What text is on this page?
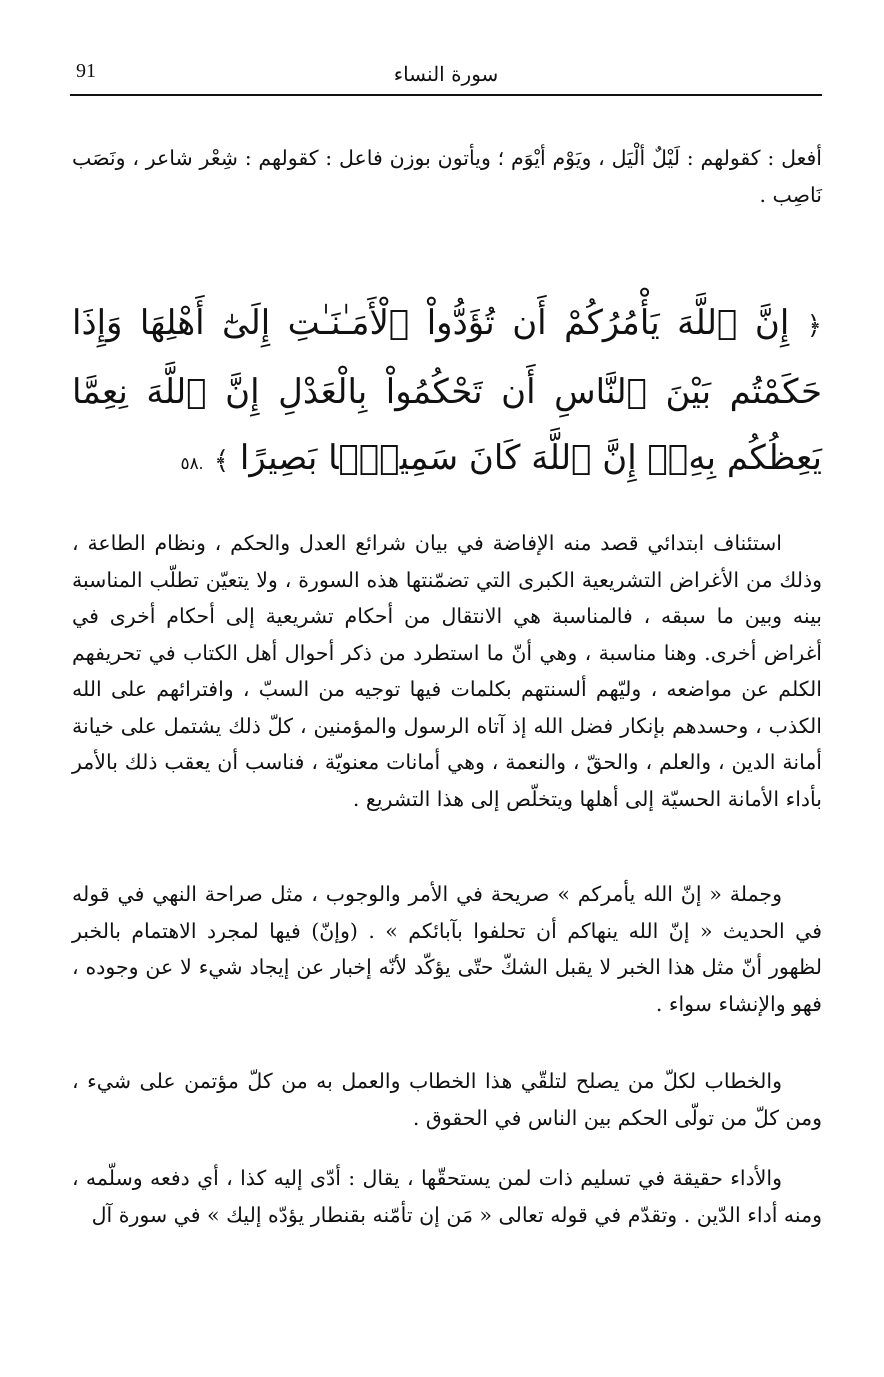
91	سورة النساء

أفعل : كقولهم : لَيْلٌ ألْيَل ، ويَوْم أيْوَم ؛ ويأتون بوزن فاعل : كقولهم : شِعْر شاعر ، ونَصَب نَاصِب .

﴿ إِنَّ ٱللَّهَ يَأْمُرُكُمْ أَن تُؤَدُّواْ ٱلْأَمَـٰنَـٰتِ إِلَىٰٓ أَهْلِهَا وَإِذَا حَكَمْتُم بَيْنَ ٱلنَّاسِ أَن تَحْكُمُواْ بِالْعَدْلِ إِنَّ ٱللَّهَ نِعِمَّا يَعِظُكُم بِهِۦٓ إِنَّ ٱللَّهَ كَانَ سَمِيعًۢا بَصِيرًا ﴾ .٥٨

استئناف ابتدائي قصد منه الإفاضة في بيان شرائع العدل والحكم ، ونظام الطاعة ، وذلك من الأغراض التشريعية الكبرى التي تضمّنتها هذه السورة ، ولا يتعيّن تطلّب المناسبة بينه وبين ما سبقه ، فالمناسبة هي الانتقال من أحكام تشريعية إلى أحكام أخرى في أغراض أخرى. وهنا مناسبة ، وهي أنّ ما استطرد من ذكر أحوال أهل الكتاب في تحريفهم الكلم عن مواضعه ، وليّهم ألسنتهم بكلمات فيها توجيه من السبّ ، وافترائهم على الله الكذب ، وحسدهم بإنكار فضل الله إذ آتاه الرسول والمؤمنين ، كلّ ذلك يشتمل على خيانة أمانة الدين ، والعلم ، والحقّ ، والنعمة ، وهي أمانات معنويّة ، فناسب أن يعقب ذلك بالأمر بأداء الأمانة الحسيّة إلى أهلها ويتخلّص إلى هذا التشريع .

وجملة « إنّ الله يأمركم » صريحة في الأمر والوجوب ، مثل صراحة النهي في قوله في الحديث « إنّ الله ينهاكم أن تحلفوا بآبائكم » . (وإنّ) فيها لمجرد الاهتمام بالخبر لظهور أنّ مثل هذا الخبر لا يقبل الشكّ حتّى يؤكّد لأنّه إخبار عن إيجاد شيء لا عن وجوده ، فهو والإنشاء سواء .

والخطاب لكلّ من يصلح لتلقّي هذا الخطاب والعمل به من كلّ مؤتمن على شيء ، ومن كلّ من تولّى الحكم بين الناس في الحقوق .

والأداء حقيقة في تسليم ذات لمن يستحقّها ، يقال : أدّى إليه كذا ، أي دفعه وسلّمه ، ومنه أداء الدّين . وتقدّم في قوله تعالى « مَن إن تأمّنه بقنطار يؤدّه إليك » في سورة آل
